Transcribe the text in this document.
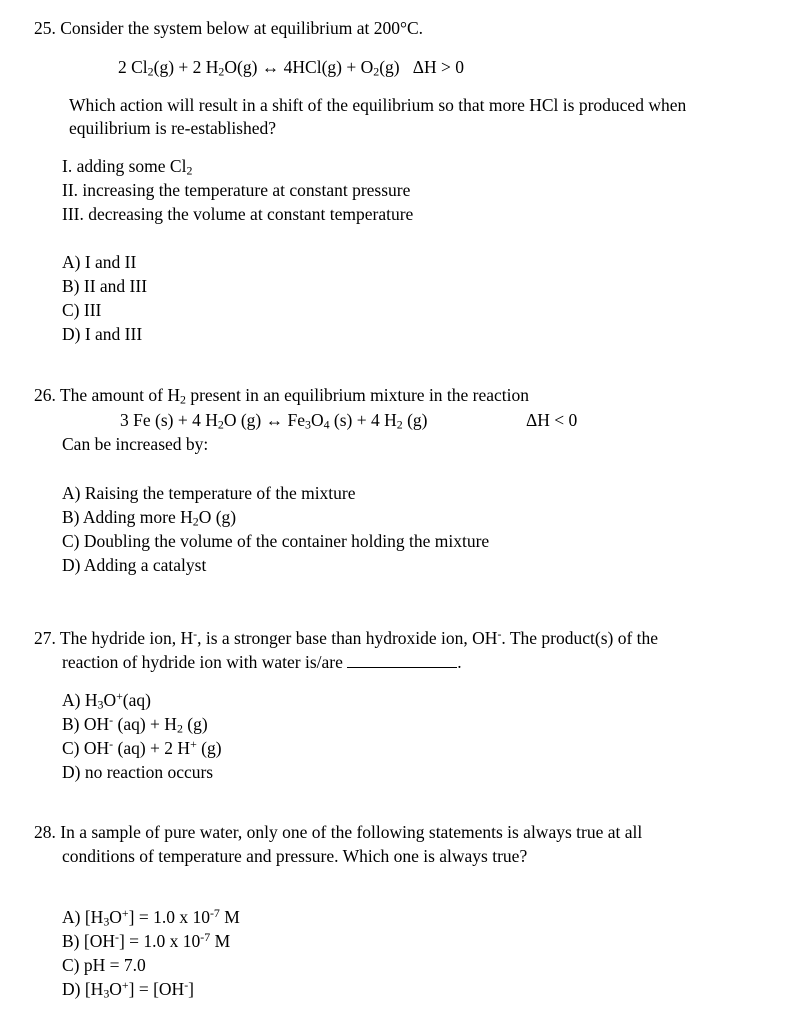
25. Consider the system below at equilibrium at 200°C.
2 $Cl_2(g) + 2$ $H_2O(g)$ ↔ $4HCl(g) + O_2(g) \Delta H > 0$
Which action will result in a shift of the equilibrium so that more HCl is produced when
equilibrium is re-established?
I. adding some $Cl_2$
II. increasing the temperature at constant pressure
III. decreasing the volume at constant temperature
A) I and II
B) II and III
C) III
D) I and III
26. The amount of $H_2$ present in an equilibrium mixture in the reaction
3 Fe (s) + 4 $H_2O$ (g) ↔ $Fe_3O_4$ (s) + 4 $H_2$ (g)	ΔH < 0
Can be increased by:
A) Raising the temperature of the mixture
B) Adding more $H_2O$ (g)
C) Doubling the volume of the container holding the mixture
D) Adding a catalyst
27. The hydride ion, H-, is a stronger base than hydroxide ion, OH-. The product(s) of the
reaction of hydride ion with water is/are	.
A) $H_3O^+(aq)$
B) OH- $(aq) + H_2$ (g)
C) OH- (aq) + 2 H+ (g)
D) no reaction occurs
28. In a sample of pure water, only one of the following statements is always true at all
conditions of temperature and pressure. Which one is always true?
A) $[H_3O^+] = 1.0$ x $10^{-7}$ M
B) [OH-] = 1.0 x $10^{-7}$ M
C) pH = 7.0
D) $[H_3O^+] = [OH^-]$
